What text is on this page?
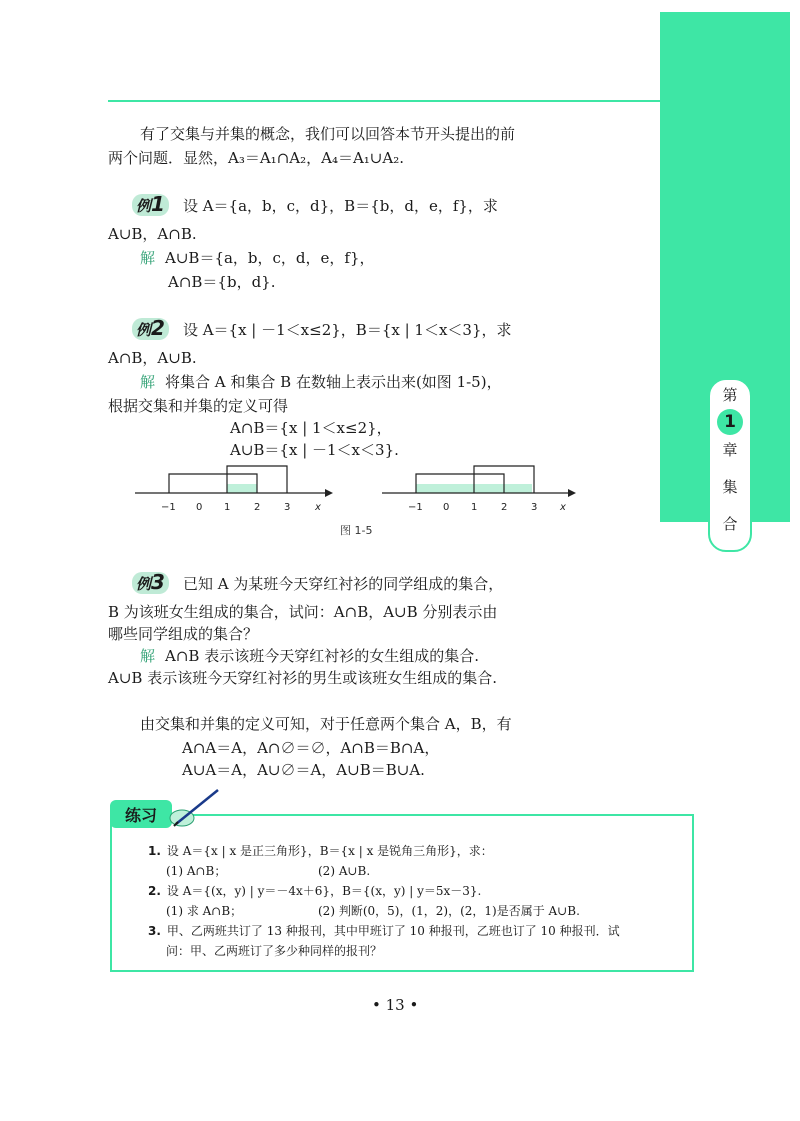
第
1
章
集
合
有了交集与并集的概念，我们可以回答本节开头提出的前
两个问题．显然，A₃＝A₁∩A₂，A₄＝A₁∪A₂.
例1 设 A＝{a，b，c，d}，B＝{b，d，e，f}，求
A∪B，A∩B.
解 A∪B＝{a，b，c，d，e，f}，
A∩B＝{b，d}.
例2 设 A＝{x | －1＜x≤2}，B＝{x | 1＜x＜3}，求
A∩B，A∪B.
解 将集合 A 和集合 B 在数轴上表示出来(如图 1-5)，
根据交集和并集的定义可得
A∩B＝{x | 1＜x≤2}，
A∪B＝{x | －1＜x＜3}.
−1 0 1 2 3 x	−1 0 1 2 3 x
图 1-5
例3 已知 A 为某班今天穿红衬衫的同学组成的集合，
B 为该班女生组成的集合，试问：A∩B，A∪B 分别表示由
哪些同学组成的集合？
解 A∩B 表示该班今天穿红衬衫的女生组成的集合.
A∪B 表示该班今天穿红衬衫的男生或该班女生组成的集合.
由交集和并集的定义可知，对于任意两个集合 A，B，有
A∩A＝A，A∩∅＝∅，A∩B＝B∩A，
A∪A＝A，A∪∅＝A，A∪B＝B∪A.
练习
1. 设 A＝{x | x 是正三角形}，B＝{x | x 是锐角三角形}，求：
(1) A∩B；	(2) A∪B.
2. 设 A＝{(x，y) | y＝－4x＋6}，B＝{(x，y) | y＝5x－3}.
(1) 求 A∩B；	(2) 判断(0，5)，(1，2)，(2，1)是否属于 A∪B.
3. 甲、乙两班共订了 13 种报刊，其中甲班订了 10 种报刊，乙班也订了 10 种报刊．试
问：甲、乙两班订了多少种同样的报刊？
• 13 •
